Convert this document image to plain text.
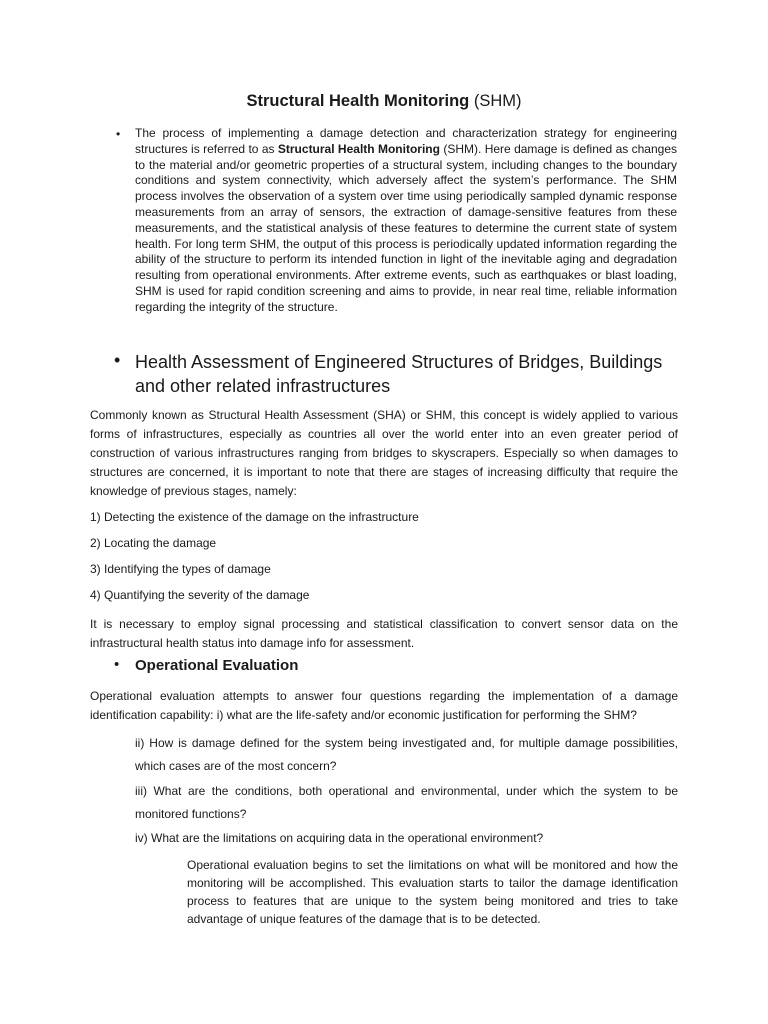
Structural Health Monitoring (SHM)
• The process of implementing a damage detection and characterization strategy for engineering structures is referred to as Structural Health Monitoring (SHM). Here damage is defined as changes to the material and/or geometric properties of a structural system, including changes to the boundary conditions and system connectivity, which adversely affect the system’s performance. The SHM process involves the observation of a system over time using periodically sampled dynamic response measurements from an array of sensors, the extraction of damage-sensitive features from these measurements, and the statistical analysis of these features to determine the current state of system health. For long term SHM, the output of this process is periodically updated information regarding the ability of the structure to perform its intended function in light of the inevitable aging and degradation resulting from operational environments. After extreme events, such as earthquakes or blast loading, SHM is used for rapid condition screening and aims to provide, in near real time, reliable information regarding the integrity of the structure.
• Health Assessment of Engineered Structures of Bridges, Buildings and other related infrastructures

Commonly known as Structural Health Assessment (SHA) or SHM, this concept is widely applied to various forms of infrastructures, especially as countries all over the world enter into an even greater period of construction of various infrastructures ranging from bridges to skyscrapers. Especially so when damages to structures are concerned, it is important to note that there are stages of increasing difficulty that require the knowledge of previous stages, namely:

1) Detecting the existence of the damage on the infrastructure

2) Locating the damage

3) Identifying the types of damage

4) Quantifying the severity of the damage

It is necessary to employ signal processing and statistical classification to convert sensor data on the infrastructural health status into damage info for assessment.

• Operational Evaluation

Operational evaluation attempts to answer four questions regarding the implementation of a damage identification capability: i) what are the life-safety and/or economic justification for performing the SHM?

ii) How is damage defined for the system being investigated and, for multiple damage possibilities, which cases are of the most concern?

iii) What are the conditions, both operational and environmental, under which the system to be monitored functions?

iv) What are the limitations on acquiring data in the operational environment?

Operational evaluation begins to set the limitations on what will be monitored and how the monitoring will be accomplished. This evaluation starts to tailor the damage identification process to features that are unique to the system being monitored and tries to take advantage of unique features of the damage that is to be detected.
